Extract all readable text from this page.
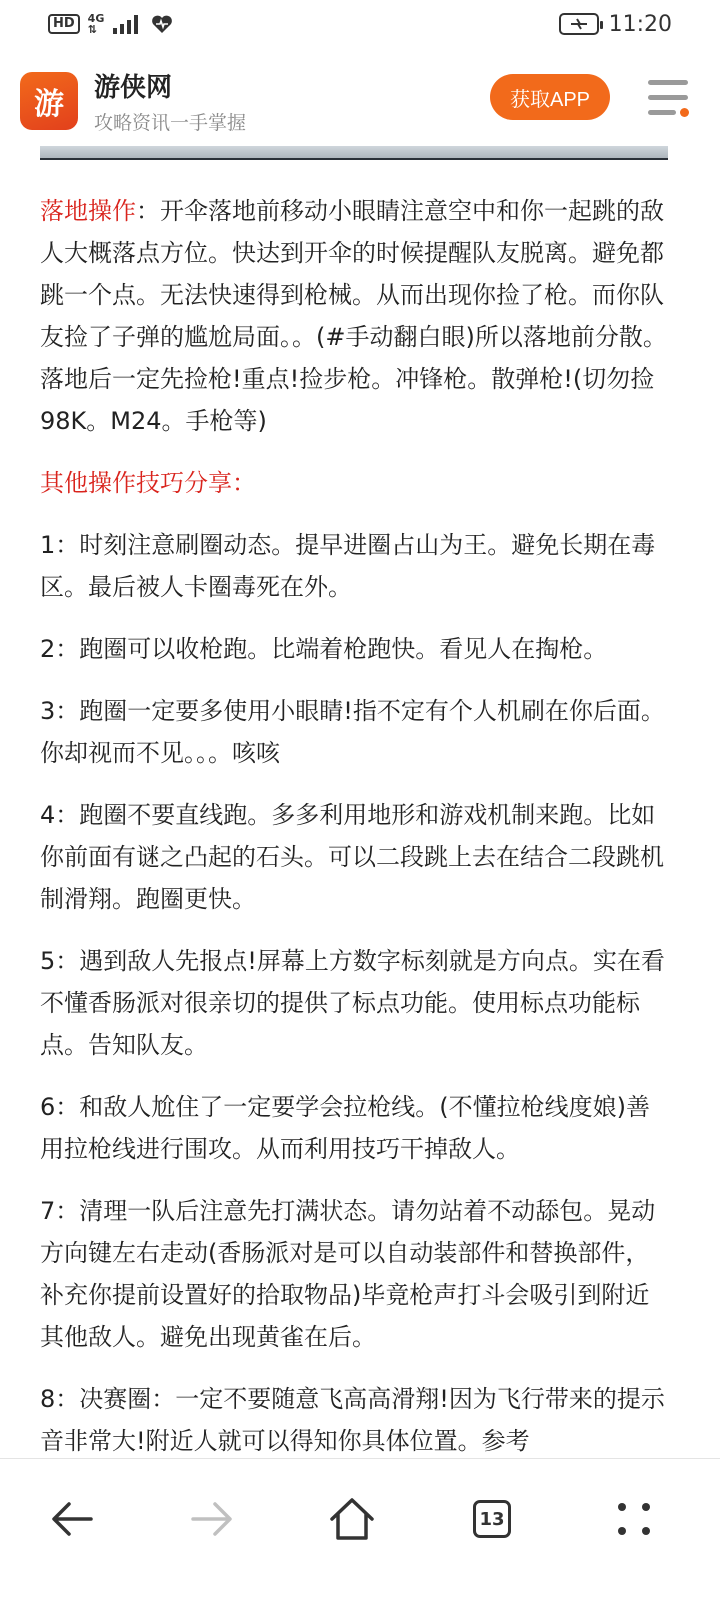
HD	4G
⇅	11:20
游 游侠网
攻略资讯一手掌握
获取APP

落地操作：开伞落地前移动小眼睛注意空中和你一起跳的敌人大概落点方位。快达到开伞的时候提醒队友脱离。避免都跳一个点。无法快速得到枪械。从而出现你捡了枪。而你队友捡了子弹的尴尬局面。。(#手动翻白眼)所以落地前分散。落地后一定先捡枪!重点!捡步枪。冲锋枪。散弹枪!(切勿捡98K。M24。手枪等)

其他操作技巧分享：

1：时刻注意刷圈动态。提早进圈占山为王。避免长期在毒区。最后被人卡圈毒死在外。

2：跑圈可以收枪跑。比端着枪跑快。看见人在掏枪。

3：跑圈一定要多使用小眼睛!指不定有个人机刷在你后面。你却视而不见。。。咳咳

4：跑圈不要直线跑。多多利用地形和游戏机制来跑。比如你前面有谜之凸起的石头。可以二段跳上去在结合二段跳机制滑翔。跑圈更快。

5：遇到敌人先报点!屏幕上方数字标刻就是方向点。实在看不懂香肠派对很亲切的提供了标点功能。使用标点功能标点。告知队友。

6：和敌人尬住了一定要学会拉枪线。(不懂拉枪线度娘)善用拉枪线进行围攻。从而利用技巧干掉敌人。

7：清理一队后注意先打满状态。请勿站着不动舔包。晃动方向键左右走动(香肠派对是可以自动装部件和替换部件，补充你提前设置好的拾取物品)毕竟枪声打斗会吸引到附近其他敌人。避免出现黄雀在后。

8：决赛圈：一定不要随意飞高高滑翔!因为飞行带来的提示音非常大!附近人就可以得知你具体位置。参考

13
